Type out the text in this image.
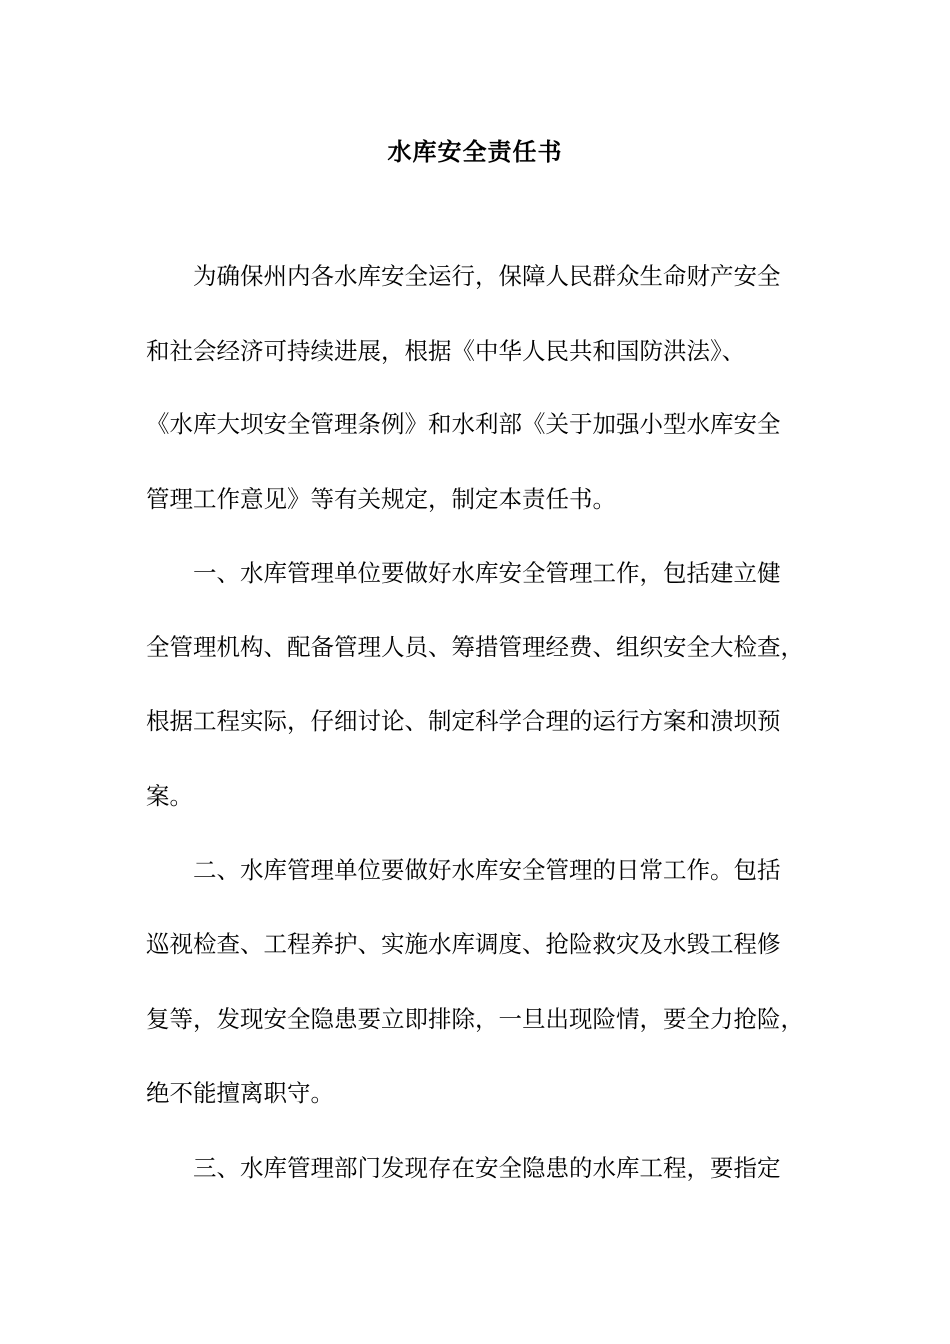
水库安全责任书
为确保州内各水库安全运行，保障人民群众生命财产安全
和社会经济可持续进展，根据《中华人民共和国防洪法》、
《水库大坝安全管理条例》和水利部《关于加强小型水库安全
管理工作意见》等有关规定，制定本责任书。
一、水库管理单位要做好水库安全管理工作，包括建立健
全管理机构、配备管理人员、筹措管理经费、组织安全大检查，
根据工程实际，仔细讨论、制定科学合理的运行方案和溃坝预
案。
二、水库管理单位要做好水库安全管理的日常工作。包括
巡视检查、工程养护、实施水库调度、抢险救灾及水毁工程修
复等，发现安全隐患要立即排除，一旦出现险情，要全力抢险，
绝不能擅离职守。
三、水库管理部门发现存在安全隐患的水库工程，要指定
